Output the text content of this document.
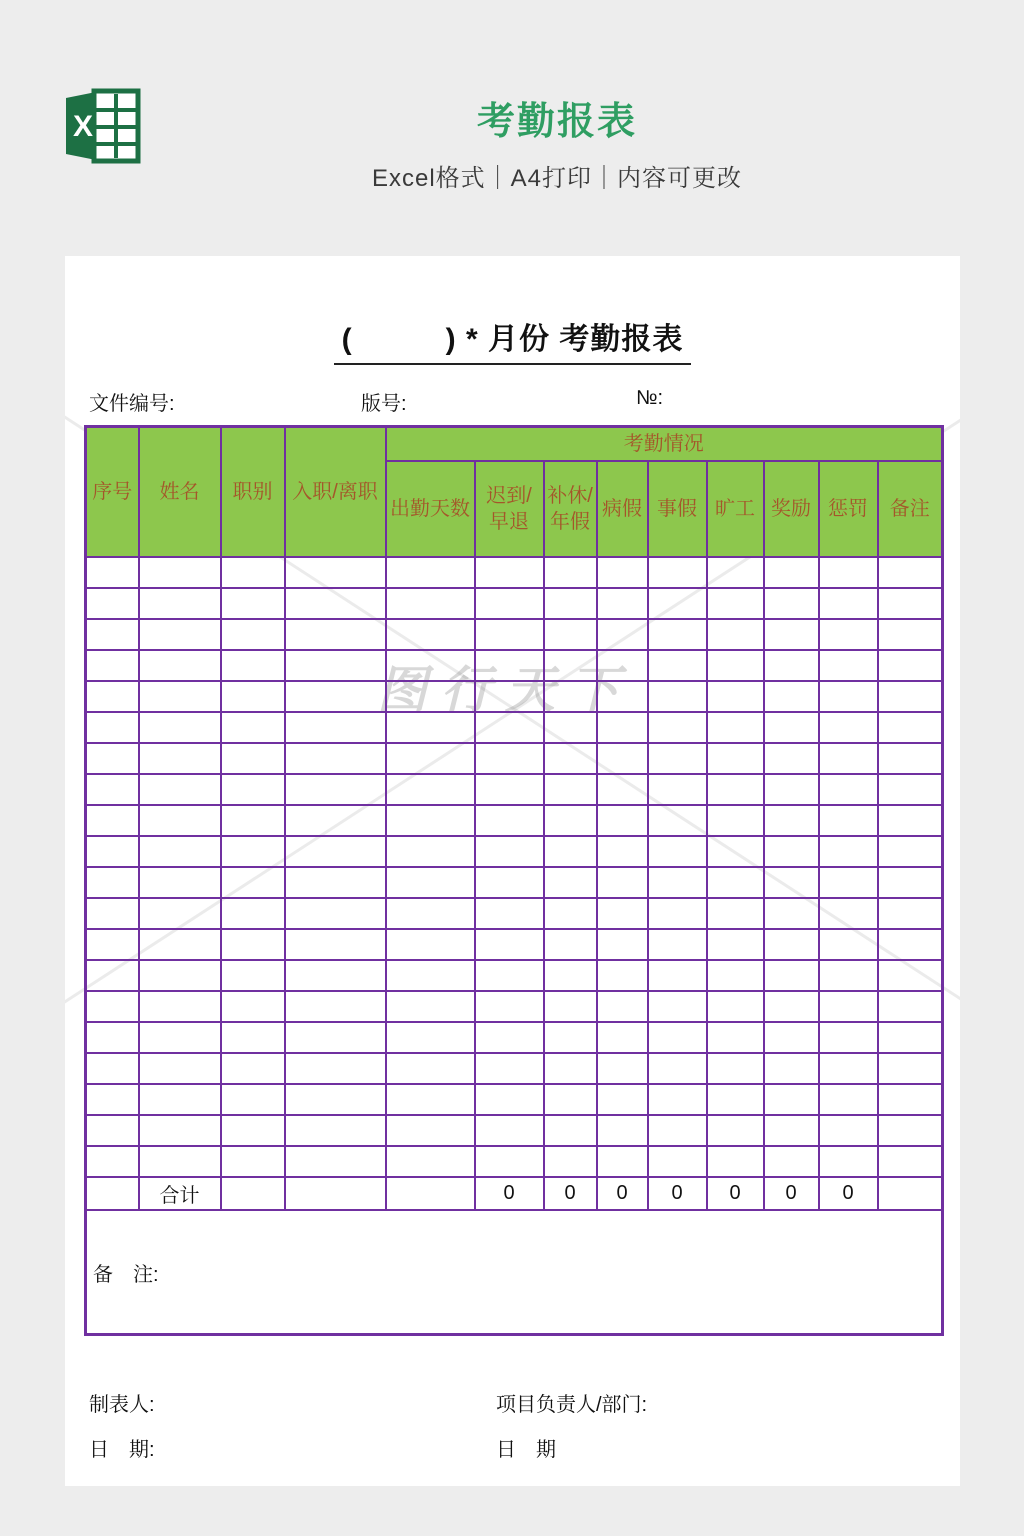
X	考勤报表

Excel格式｜A4打印｜内容可更改

图行天下
(　　　) * 月份 考勤报表
文件编号:	版号:	№:
序号	姓名	职别	入职/离职	考勤情况								
				出勤天数	迟到/早退	补休/年假	病假	事假	旷工	奖励	惩罚	备注

	合计				0	0	0	0	0	0	0	
备　注:												
制表人:	项目负责人/部门:
日　期:	日　期
